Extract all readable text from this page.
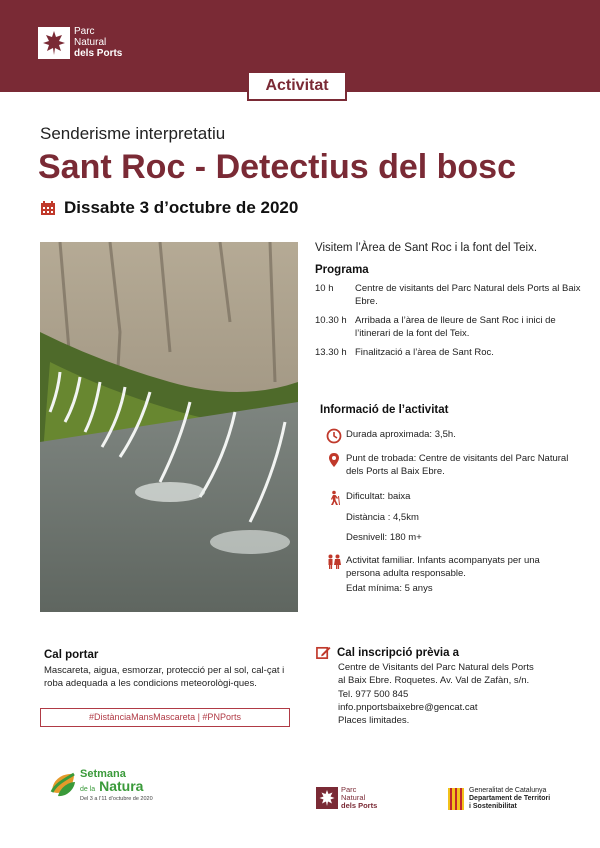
Parc
Natural
dels Ports
Activitat
Senderisme interpretatiu
Sant Roc - Detectius del bosc
Dissabte 3 d’octubre de 2020
Visitem l’Àrea de Sant Roc i la font del Teix.
Programa
10 h	Centre de visitants del Parc Natural dels Ports al Baix Ebre.
10.30 h Arribada a l’àrea de lleure de Sant Roc i inici de l’itinerari de la font del Teix.
13.30 h Finalització a l’àrea de Sant Roc.
Informació de l’activitat
Durada aproximada: 3,5h.
Punt de trobada: Centre de visitants del Parc Natural dels Ports al Baix Ebre.
Dificultat: baixa
Distància : 4,5km
Desnivell: 180 m+
Activitat familiar. Infants acompanyats per una persona adulta responsable.
Edat mínima: 5 anys
Cal portar
Mascareta, aigua, esmorzar, protecció per al sol, cal-çat i roba adequada a les condicions meteorològi-ques.
#DistànciaMansMascareta | #PNPorts
Cal inscripció prèvia a
Centre de Visitants del Parc Natural dels Ports
al Baix Ebre. Roquetes. Av. Val de Zafàn, s/n.
Tel. 977 500 845
info.pnportsbaixebre@gencat.cat
Places limitades.
Setmana
de la Natura
Del 3 a l’11 d’octubre de 2020
Parc
Natural
dels Ports
Generalitat de Catalunya
Departament de Territori
i Sostenibilitat
